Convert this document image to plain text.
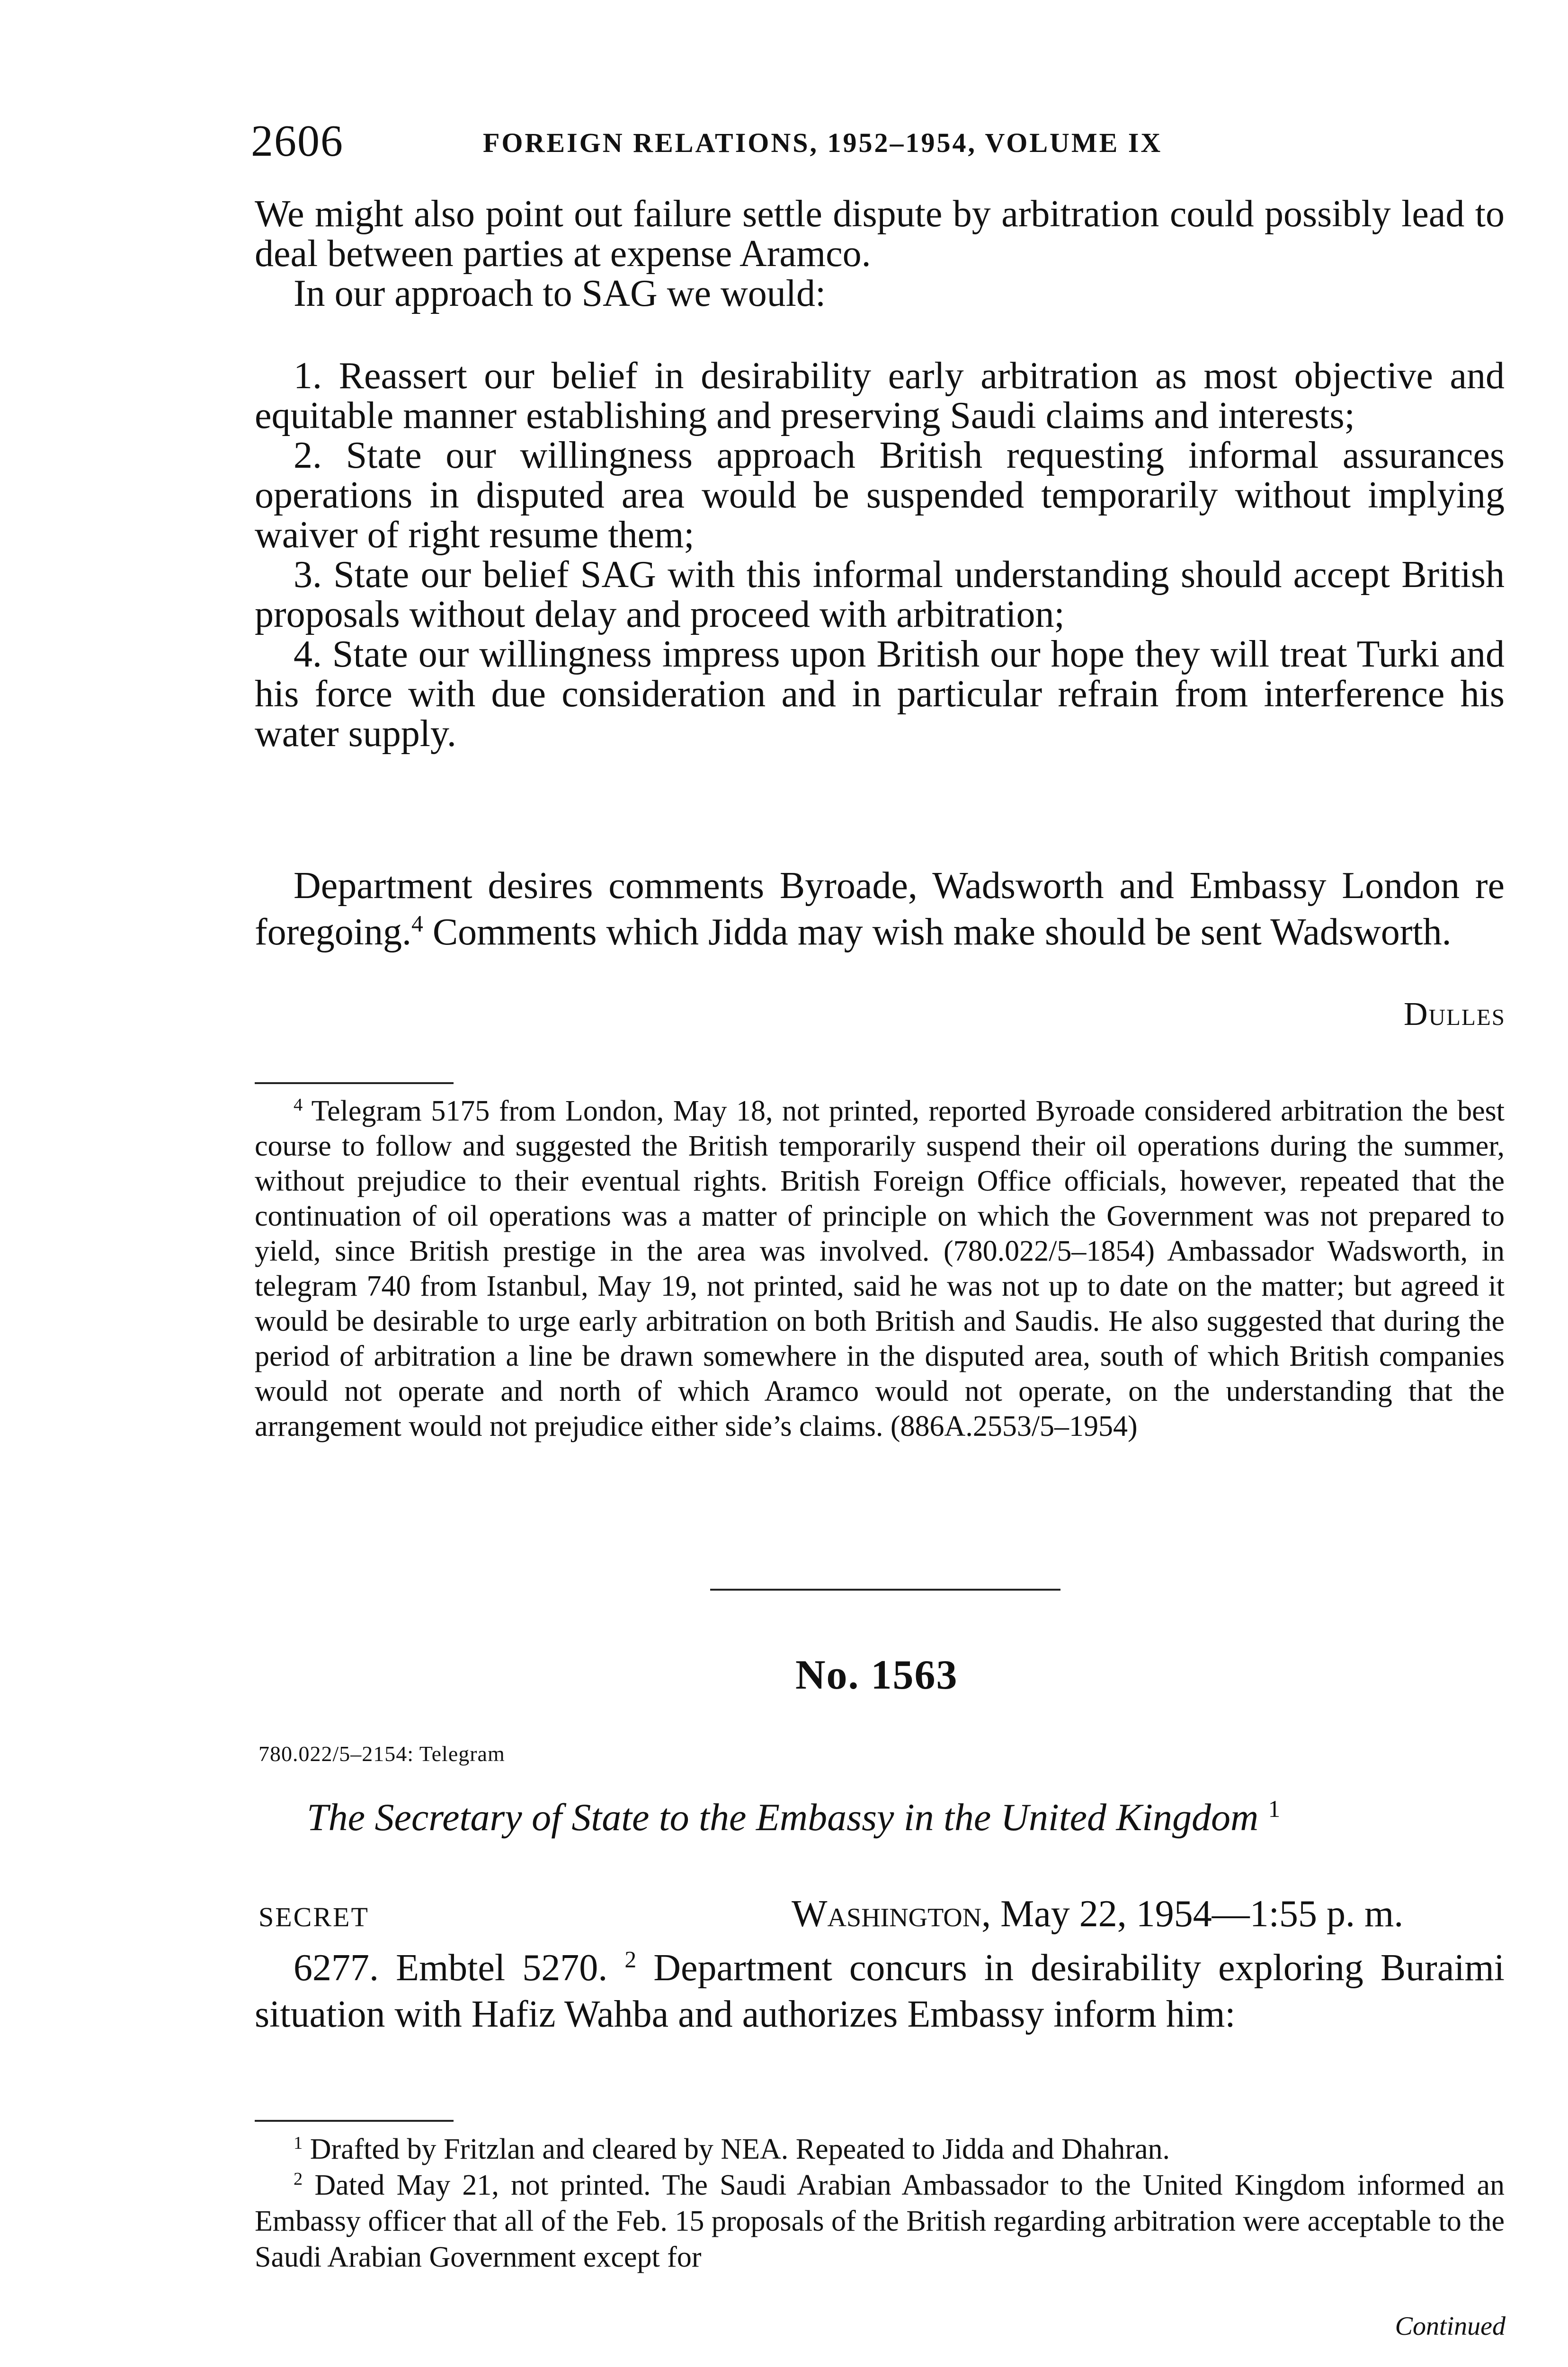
2606	FOREIGN RELATIONS, 1952–1954, VOLUME IX

We might also point out failure settle dispute by arbitration could possibly lead to deal between parties at expense Aramco.

In our approach to SAG we would:

1. Reassert our belief in desirability early arbitration as most objective and equitable manner establishing and preserving Saudi claims and interests;

2. State our willingness approach British requesting informal assurances operations in disputed area would be suspended temporarily without implying waiver of right resume them;

3. State our belief SAG with this informal understanding should accept British proposals without delay and proceed with arbitration;

4. State our willingness impress upon British our hope they will treat Turki and his force with due consideration and in particular refrain from interference his water supply.

Department desires comments Byroade, Wadsworth and Embassy London re foregoing.$^4$ Comments which Jidda may wish make should be sent Wadsworth.

Dulles

$^4$ Telegram 5175 from London, May 18, not printed, reported Byroade considered arbitration the best course to follow and suggested the British temporarily suspend their oil operations during the summer, without prejudice to their eventual rights. British Foreign Office officials, however, repeated that the continuation of oil operations was a matter of principle on which the Government was not prepared to yield, since British prestige in the area was involved. (780.022/5–1854) Ambassador Wadsworth, in telegram 740 from Istanbul, May 19, not printed, said he was not up to date on the matter; but agreed it would be desirable to urge early arbitration on both British and Saudis. He also suggested that during the period of arbitration a line be drawn somewhere in the disputed area, south of which British companies would not operate and north of which Aramco would not operate, on the understanding that the arrangement would not prejudice either side’s claims. (886A.2553/5–1954)

No. 1563
780.022/5–2154: Telegram
The Secretary of State to the Embassy in the United Kingdom $^1$
SECRET	Washington, May 22, 1954—1:55 p. m.

6277. Embtel 5270. $^2$ Department concurs in desirability exploring Buraimi situation with Hafiz Wahba and authorizes Embassy inform him:

$^1$ Drafted by Fritzlan and cleared by NEA. Repeated to Jidda and Dhahran.

$^2$ Dated May 21, not printed. The Saudi Arabian Ambassador to the United Kingdom informed an Embassy officer that all of the Feb. 15 proposals of the British regarding arbitration were acceptable to the Saudi Arabian Government except for

Continued
